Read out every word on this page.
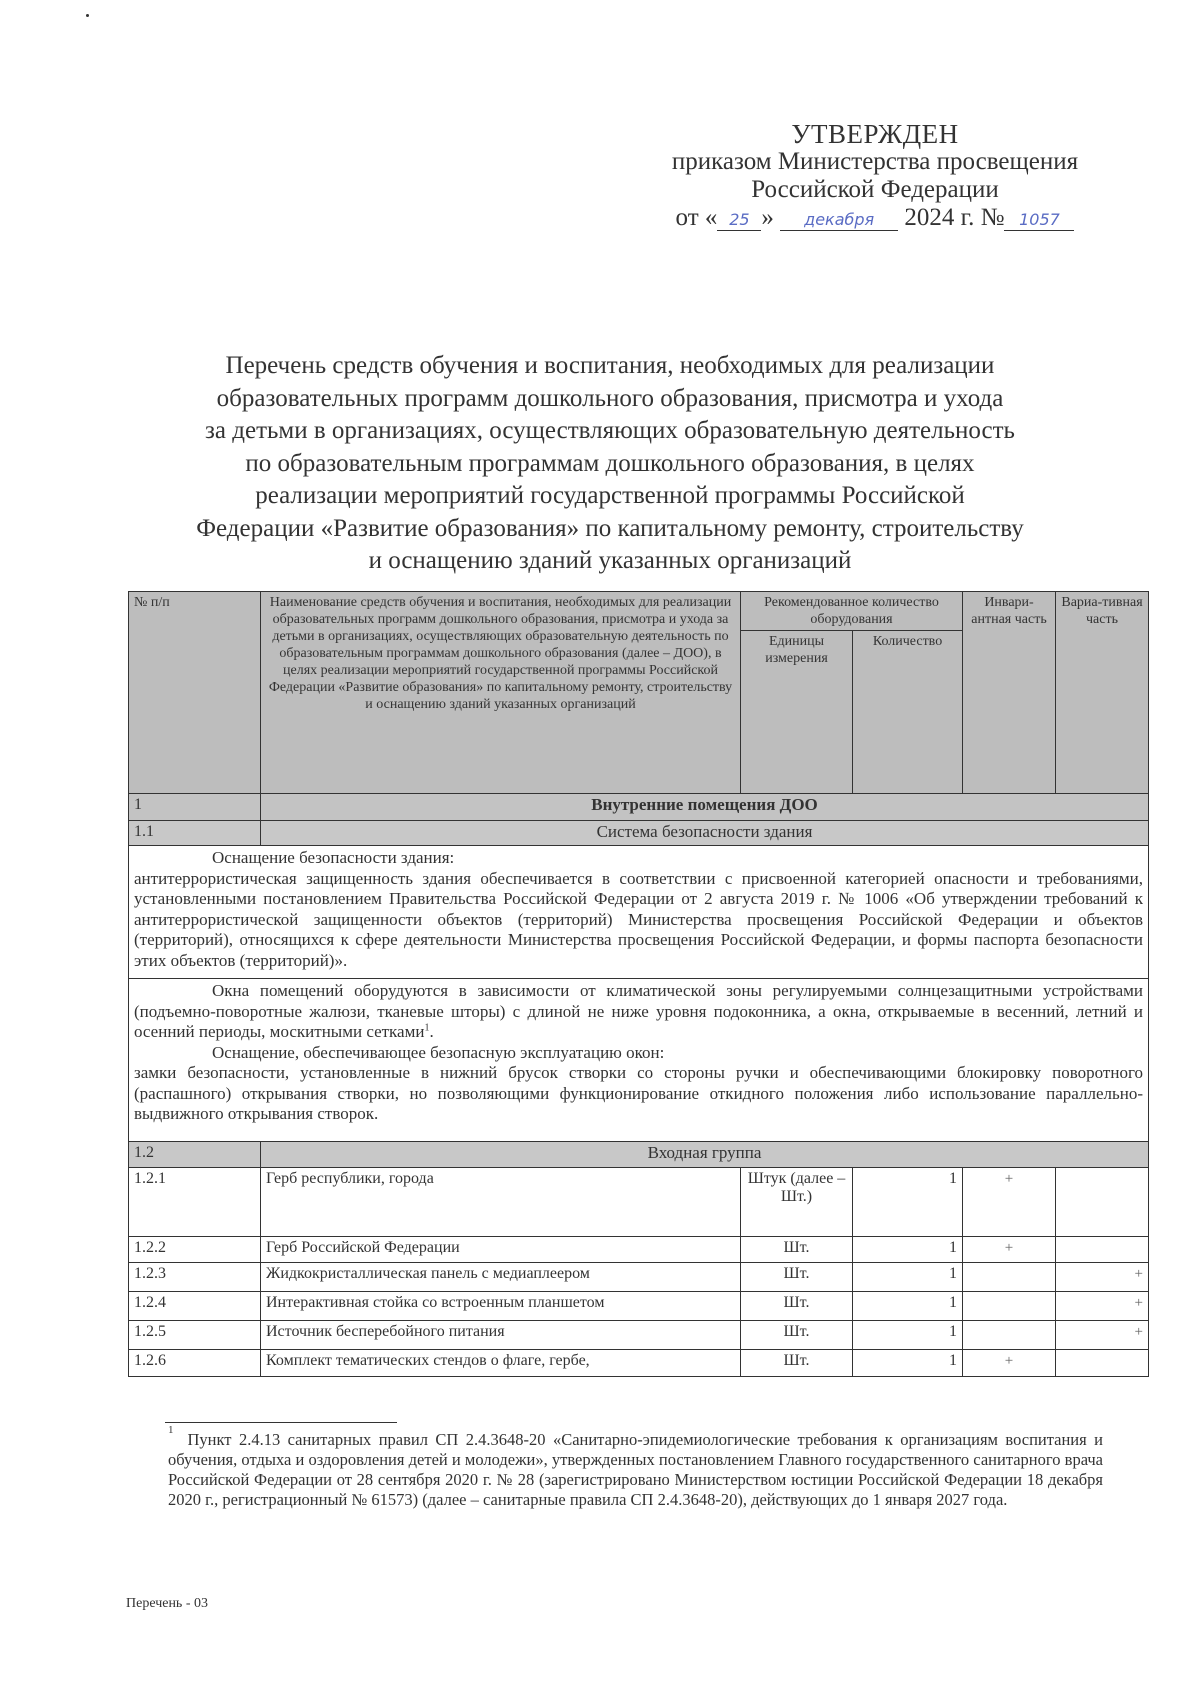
УТВЕРЖДЕН
приказом Министерства просвещения
Российской Федерации
от « 25 » декабря 2024 г. № 1057
Перечень средств обучения и воспитания, необходимых для реализации
образовательных программ дошкольного образования, присмотра и ухода
за детьми в организациях, осуществляющих образовательную деятельность
по образовательным программам дошкольного образования, в целях
реализации мероприятий государственной программы Российской
Федерации «Развитие образования» по капитальному ремонту, строительству
и оснащению зданий указанных организаций
№ п/п	Наименование средств обучения и воспитания, необходимых для реализации образовательных программ дошкольного образования, присмотра и ухода за детьми в организациях, осуществляющих образовательную деятельность по образовательным программам дошкольного образования (далее – ДОО), в целях реализации мероприятий государственной программы Российской Федерации «Развитие образования» по капитальному ремонту, строительству и оснащению зданий указанных организаций	Рекомендованное количество оборудования		Инвари-антная часть	Вариа-тивная часть
		Единицы измерения	Количество		
1	Внутренние помещения ДОО				
1.1	Система безопасности здания				

Оснащение безопасности здания:

антитеррористическая защищенность здания обеспечивается в соответствии с присвоенной категорией опасности и требованиями, установленными постановлением Правительства Российской Федерации от 2 августа 2019 г. № 1006 «Об утверждении требований к антитеррористической защищенности объектов (территорий) Министерства просвещения Российской Федерации и объектов (территорий), относящихся к сфере деятельности Министерства просвещения Российской Федерации, и формы паспорта безопасности этих объектов (территорий)».					

Окна помещений оборудуются в зависимости от климатической зоны регулируемыми солнцезащитными устройствами (подъемно-поворотные жалюзи, тканевые шторы) с длиной не ниже уровня подоконника, а окна, открываемые в весенний, летний и осенний периоды, москитными сетками$^1$.

Оснащение, обеспечивающее безопасную эксплуатацию окон:

замки безопасности, установленные в нижний брусок створки со стороны ручки и обеспечивающими блокировку поворотного (распашного) открывания створки, но позволяющими функционирование откидного положения либо использование параллельно-выдвижного открывания створок.					

1.2	Входная группа				
1.2.1	Герб республики, города	Штук (далее – Шт.)	1	+	
1.2.2	Герб Российской Федерации	Шт.	1	+	
1.2.3	Жидкокристаллическая панель с медиаплеером	Шт.	1		+
1.2.4	Интерактивная стойка со встроенным планшетом	Шт.	1		+
1.2.5	Источник бесперебойного питания	Шт.	1		+
1.2.6	Комплект тематических стендов о флаге, гербе,	Шт.	1	+	
$^1$ Пункт 2.4.13 санитарных правил СП 2.4.3648-20 «Санитарно-эпидемиологические требования к организациям воспитания и обучения, отдыха и оздоровления детей и молодежи», утвержденных постановлением Главного государственного санитарного врача Российской Федерации от 28 сентября 2020 г. № 28 (зарегистрировано Министерством юстиции Российской Федерации 18 декабря 2020 г., регистрационный № 61573) (далее – санитарные правила СП 2.4.3648-20), действующих до 1 января 2027 года.
Перечень - 03
